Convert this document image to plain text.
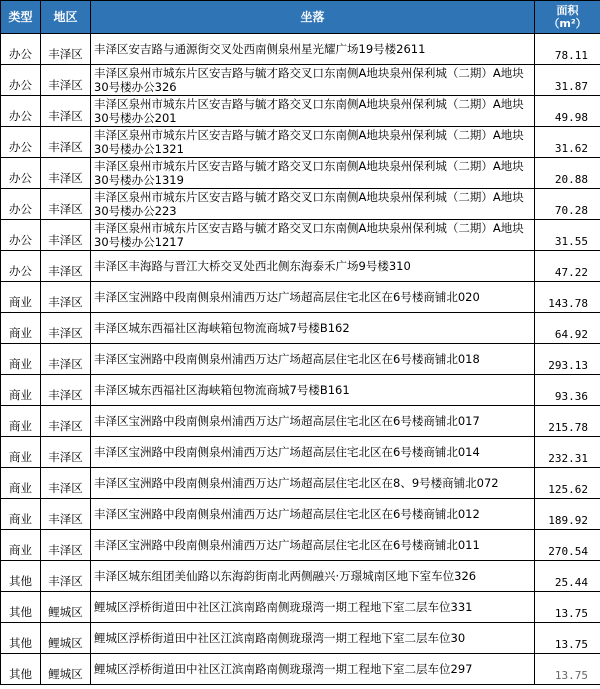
类型	地区	坐落	面积
（m²）
办公	丰泽区	丰泽区安吉路与通源街交叉处西南侧泉州星光耀广场19号楼2611	78.11
办公	丰泽区	丰泽区泉州市城东片区安吉路与毓才路交叉口东南侧A地块泉州保利城（二期）A地块30号楼办公326	31.87
办公	丰泽区	丰泽区泉州市城东片区安吉路与毓才路交叉口东南侧A地块泉州保利城（二期）A地块30号楼办公201	49.98
办公	丰泽区	丰泽区泉州市城东片区安吉路与毓才路交叉口东南侧A地块泉州保利城（二期）A地块30号楼办公1321	31.62
办公	丰泽区	丰泽区泉州市城东片区安吉路与毓才路交叉口东南侧A地块泉州保利城（二期）A地块30号楼办公1319	20.88
办公	丰泽区	丰泽区泉州市城东片区安吉路与毓才路交叉口东南侧A地块泉州保利城（二期）A地块30号楼办公223	70.28
办公	丰泽区	丰泽区泉州市城东片区安吉路与毓才路交叉口东南侧A地块泉州保利城（二期）A地块30号楼办公1217	31.55
办公	丰泽区	丰泽区丰海路与晋江大桥交叉处西北侧东海泰禾广场9号楼310	47.22
商业	丰泽区	丰泽区宝洲路中段南侧泉州浦西万达广场超高层住宅北区在6号楼商铺北020	143.78
商业	丰泽区	丰泽区城东西福社区海峡箱包物流商城7号楼B162	64.92
商业	丰泽区	丰泽区宝洲路中段南侧泉州浦西万达广场超高层住宅北区在6号楼商铺北018	293.13
商业	丰泽区	丰泽区城东西福社区海峡箱包物流商城7号楼B161	93.36
商业	丰泽区	丰泽区宝洲路中段南侧泉州浦西万达广场超高层住宅北区在6号楼商铺北017	215.78
商业	丰泽区	丰泽区宝洲路中段南侧泉州浦西万达广场超高层住宅北区在6号楼商铺北014	232.31
商业	丰泽区	丰泽区宝洲路中段南侧泉州浦西万达广场超高层住宅北区在8、9号楼商铺北072	125.62
商业	丰泽区	丰泽区宝洲路中段南侧泉州浦西万达广场超高层住宅北区在6号楼商铺北012	189.92
商业	丰泽区	丰泽区宝洲路中段南侧泉州浦西万达广场超高层住宅北区在6号楼商铺北011	270.54
其他	丰泽区	丰泽区城东组团美仙路以东海韵街南北两侧融兴·万璟城南区地下室车位326	25.44
其他	鲤城区	鲤城区浮桥街道田中社区江滨南路南侧珑璟湾一期工程地下室二层车位331	13.75
其他	鲤城区	鲤城区浮桥街道田中社区江滨南路南侧珑璟湾一期工程地下室二层车位30	13.75
其他	鲤城区	鲤城区浮桥街道田中社区江滨南路南侧珑璟湾一期工程地下室二层车位297	13.75
